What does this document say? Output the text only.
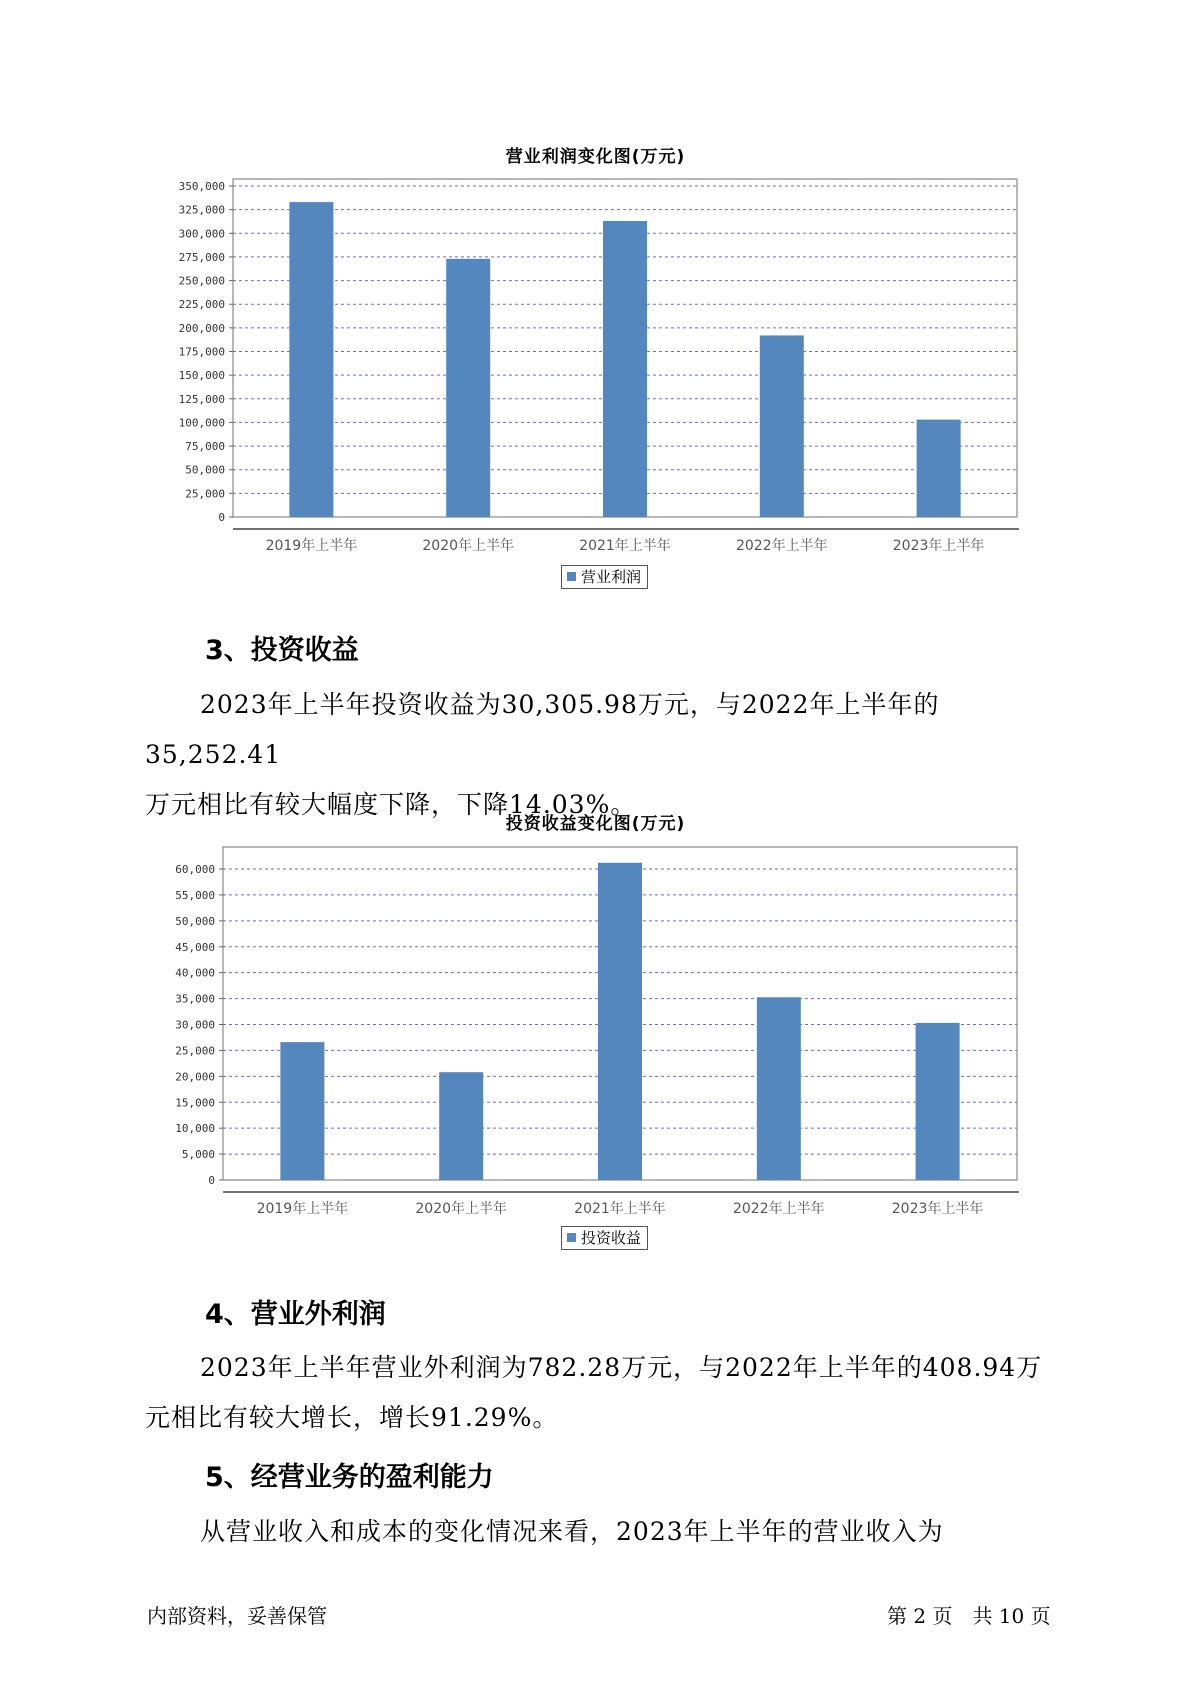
营业利润变化图(万元)
0
25,000
50,000
75,000
100,000
125,000
150,000
175,000
200,000
225,000
250,000
275,000
300,000
325,000
350,000
2019年上半年	2020年上半年	2021年上半年	2022年上半年	2023年上半年
营业利润
3、投资收益
2023年上半年投资收益为30,305.98万元，与2022年上半年的35,252.41
万元相比有较大幅度下降，下降14.03%。
投资收益变化图(万元)
0
5,000
10,000
15,000
20,000
25,000
30,000
35,000
40,000
45,000
50,000
55,000
60,000
2019年上半年	2020年上半年	2021年上半年	2022年上半年	2023年上半年
投资收益
4、营业外利润
2023年上半年营业外利润为782.28万元，与2022年上半年的408.94万
元相比有较大增长，增长91.29%。
5、经营业务的盈利能力
从营业收入和成本的变化情况来看，2023年上半年的营业收入为
内部资料，妥善保管	第 2 页　共 10 页
